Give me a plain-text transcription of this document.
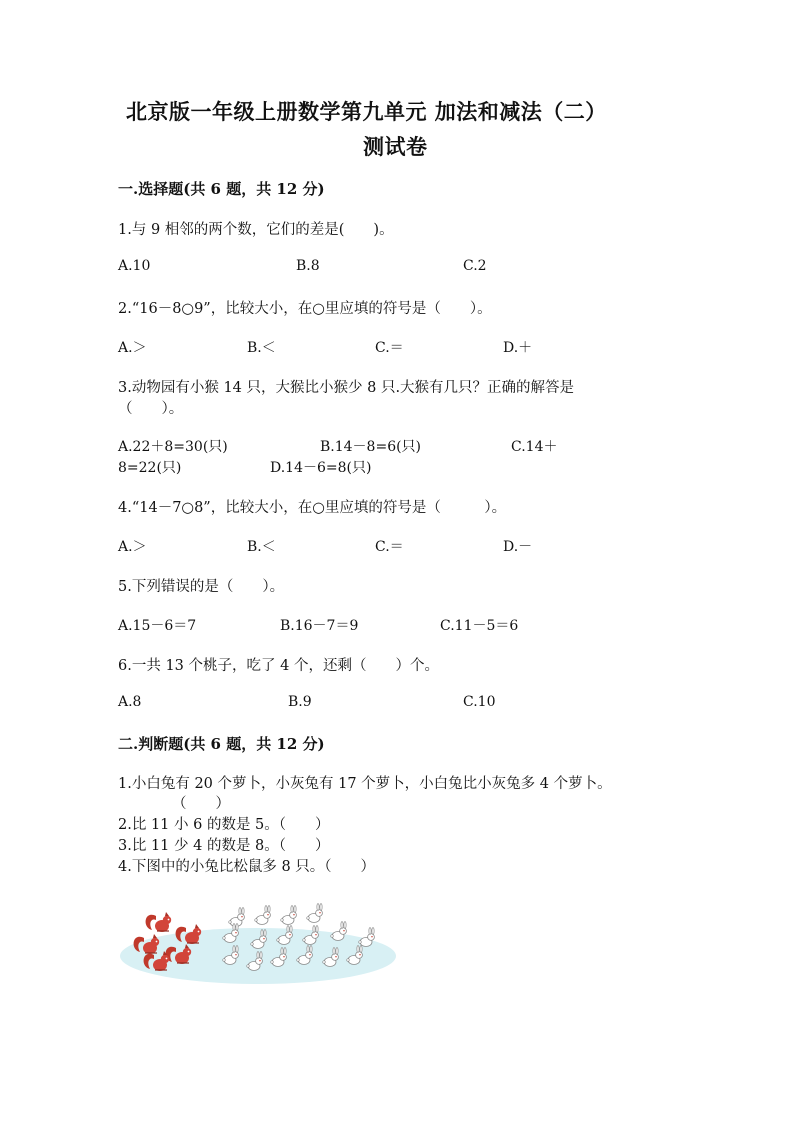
北京版一年级上册数学第九单元 加法和减法（二）
测试卷
一.选择题(共 6 题，共 12 分)
1.与 9 相邻的两个数，它们的差是(　　)。
A.10	B.8	C.2
2.“16－8○9”，比较大小，在○里应填的符号是（　　）。
A.＞	B.＜	C.＝	D.＋
3.动物园有小猴 14 只，大猴比小猴少 8 只.大猴有几只？正确的解答是
（　　）。
A.22＋8=30(只)	B.14－8=6(只)	C.14＋
8=22(只)	D.14－6=8(只)
4.“14－7○8”，比较大小，在○里应填的符号是（　　　）。
A.＞	B.＜	C.＝	D.－
5.下列错误的是（　　）。
A.15－6＝7	B.16－7＝9	C.11－5＝6
6.一共 13 个桃子，吃了 4 个，还剩（　　）个。
A.8	B.9	C.10
二.判断题(共 6 题，共 12 分)
1.小白兔有 20 个萝卜，小灰兔有 17 个萝卜，小白兔比小灰兔多 4 个萝卜。
（　　）
2.比 11 小 6 的数是 5。（　　）
3.比 11 少 4 的数是 8。（　　）
4.下图中的小兔比松鼠多 8 只。（　　）
